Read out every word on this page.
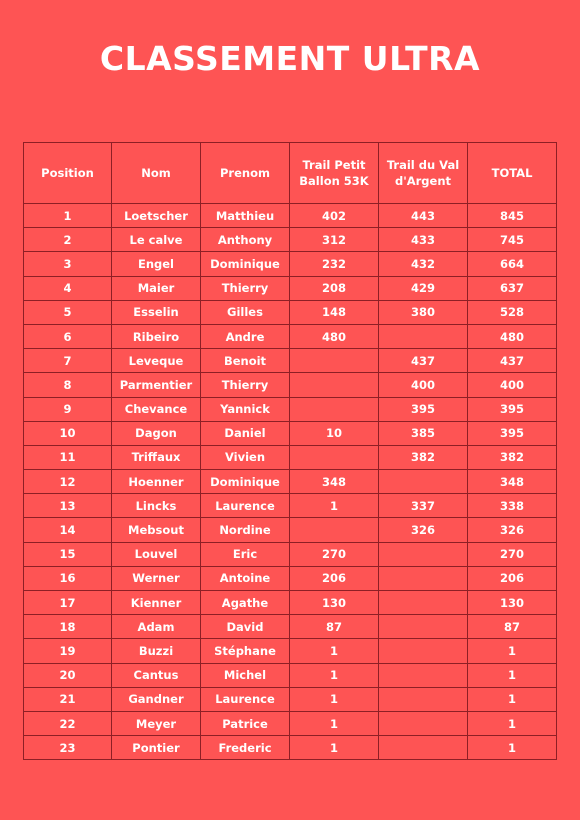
CLASSEMENT ULTRA
Position	Nom	Prenom	Trail Petit Ballon 53K	Trail du Val d'Argent	TOTAL
1	Loetscher	Matthieu	402	443	845
2	Le calve	Anthony	312	433	745
3	Engel	Dominique	232	432	664
4	Maier	Thierry	208	429	637
5	Esselin	Gilles	148	380	528
6	Ribeiro	Andre	480		480
7	Leveque	Benoit		437	437
8	Parmentier	Thierry		400	400
9	Chevance	Yannick		395	395
10	Dagon	Daniel	10	385	395
11	Triffaux	Vivien		382	382
12	Hoenner	Dominique	348		348
13	Lincks	Laurence	1	337	338
14	Mebsout	Nordine		326	326
15	Louvel	Eric	270		270
16	Werner	Antoine	206		206
17	Kienner	Agathe	130		130
18	Adam	David	87		87
19	Buzzi	Stéphane	1		1
20	Cantus	Michel	1		1
21	Gandner	Laurence	1		1
22	Meyer	Patrice	1		1
23	Pontier	Frederic	1		1
